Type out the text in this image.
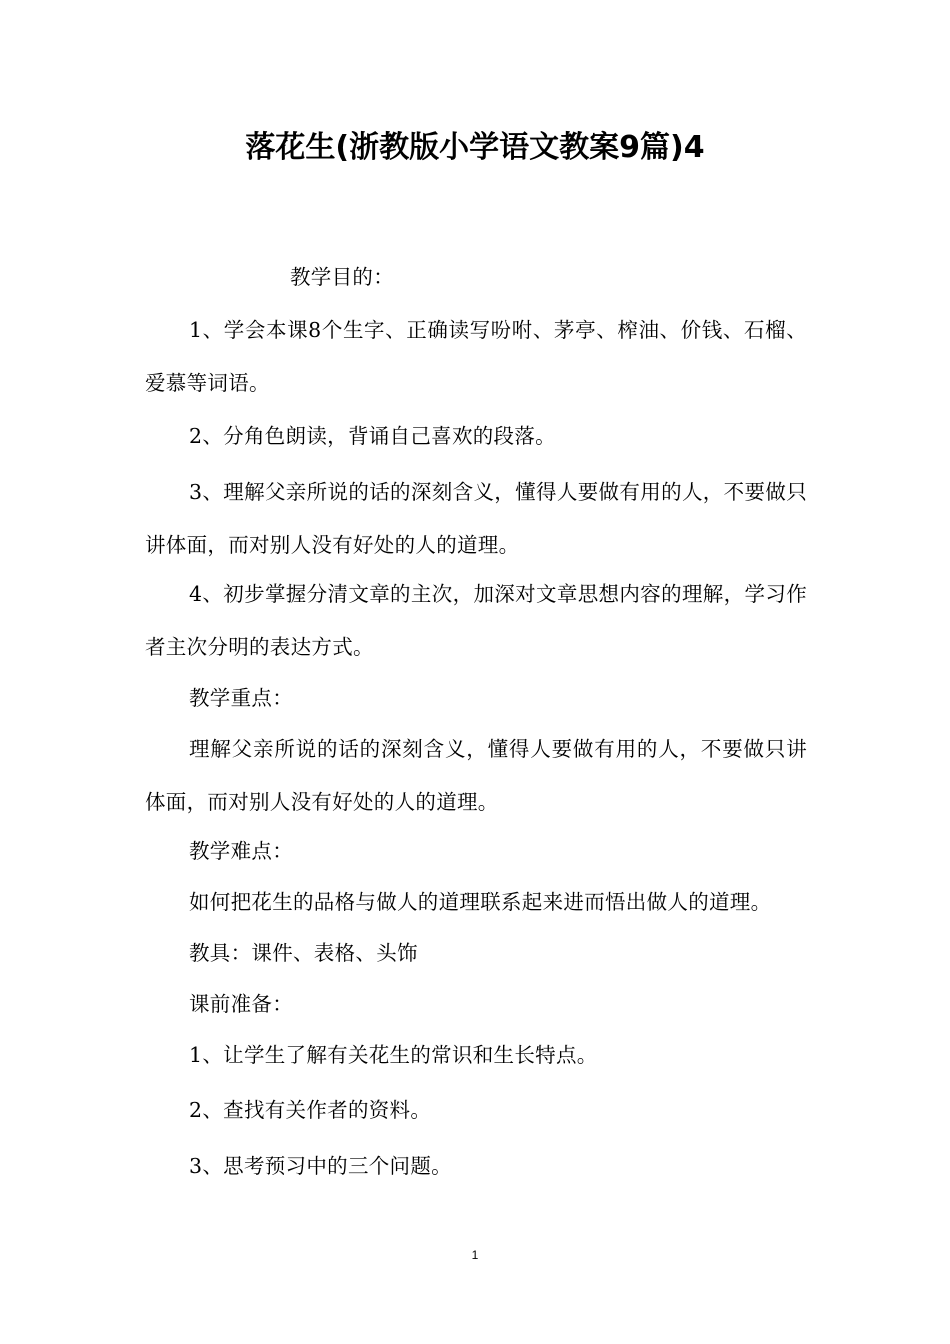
落花生(浙教版小学语文教案9篇)4
教学目的：
1、学会本课8个生字、正确读写吩咐、茅亭、榨油、价钱、石榴、爱慕等词语。
2、分角色朗读，背诵自己喜欢的段落。
3、理解父亲所说的话的深刻含义，懂得人要做有用的人，不要做只讲体面，而对别人没有好处的人的道理。
4、初步掌握分清文章的主次，加深对文章思想内容的理解，学习作者主次分明的表达方式。
教学重点：
理解父亲所说的话的深刻含义，懂得人要做有用的人，不要做只讲体面，而对别人没有好处的人的道理。
教学难点：
如何把花生的品格与做人的道理联系起来进而悟出做人的道理。
教具：课件、表格、头饰
课前准备：
1、让学生了解有关花生的常识和生长特点。
2、查找有关作者的资料。
3、思考预习中的三个问题。
1
